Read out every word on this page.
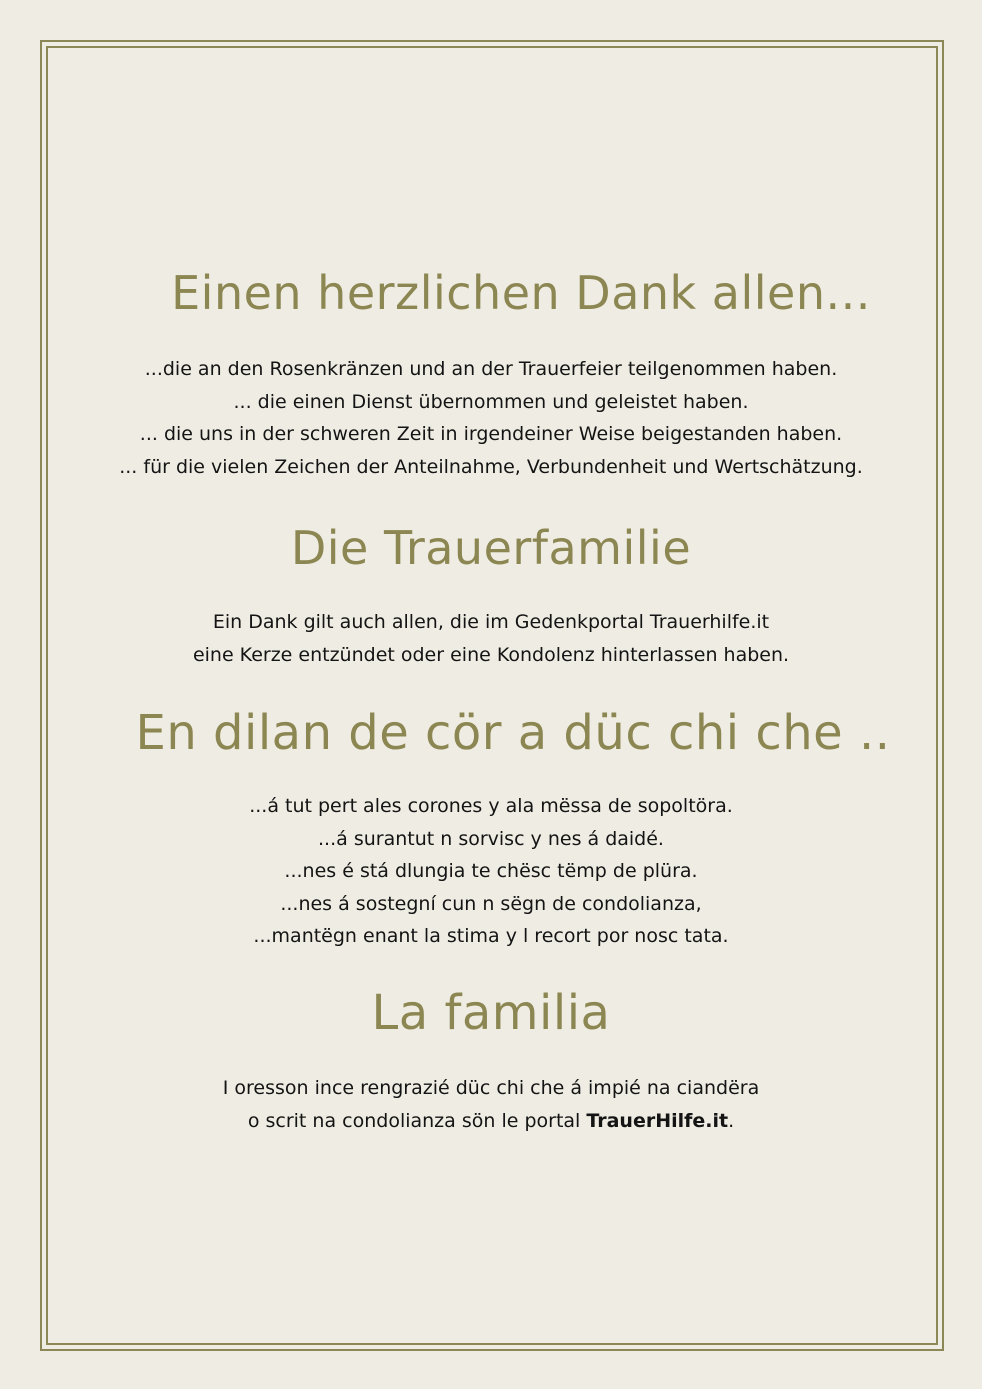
Einen herzlichen Dank allen...
...die an den Rosenkränzen und an der Trauerfeier teilgenommen haben.
... die einen Dienst übernommen und geleistet haben.
... die uns in der schweren Zeit in irgendeiner Weise beigestanden haben.
... für die vielen Zeichen der Anteilnahme, Verbundenheit und Wertschätzung.
Die Trauerfamilie
Ein Dank gilt auch allen, die im Gedenkportal Trauerhilfe.it
eine Kerze entzündet oder eine Kondolenz hinterlassen haben.
En dilan de cör a düc chi che ..
...á tut pert ales corones y ala mëssa de sopoltöra.
...á surantut n sorvisc y nes á daidé.
...nes é stá dlungia te chësc tëmp de plüra.
...nes á sostegní cun n sëgn de condolianza,
...mantëgn enant la stima y l recort por nosc tata.
La familia
I oresson ince rengrazié düc chi che á impié na ciandëra
o scrit na condolianza sön le portal TrauerHilfe.it.
